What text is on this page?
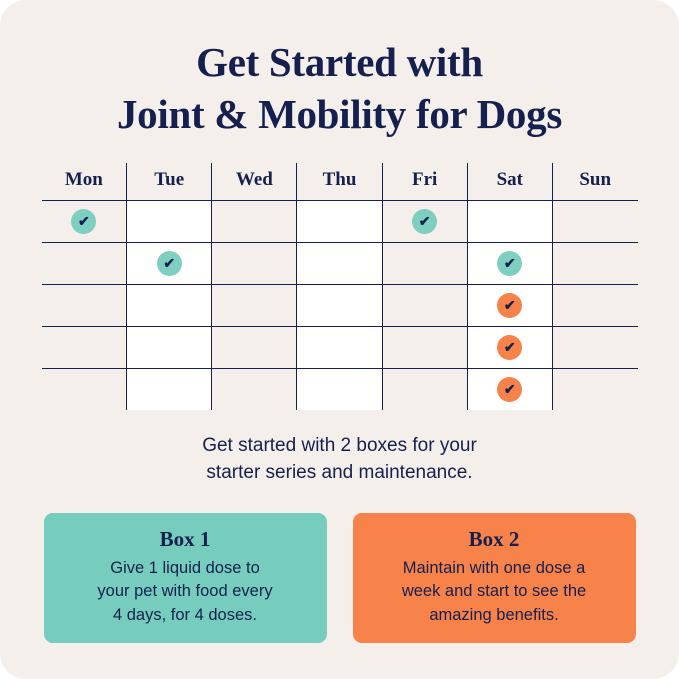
Get Started with
Joint & Mobility for Dogs
Mon	Tue	Wed	Thu	Fri	Sat	Sun
✔				✔		
	✔				✔	
					✔	
					✔	
					✔	
Get started with 2 boxes for your
starter series and maintenance.
Box 1
Give 1 liquid dose to
your pet with food every
4 days, for 4 doses.
Box 2
Maintain with one dose a
week and start to see the
amazing benefits.
